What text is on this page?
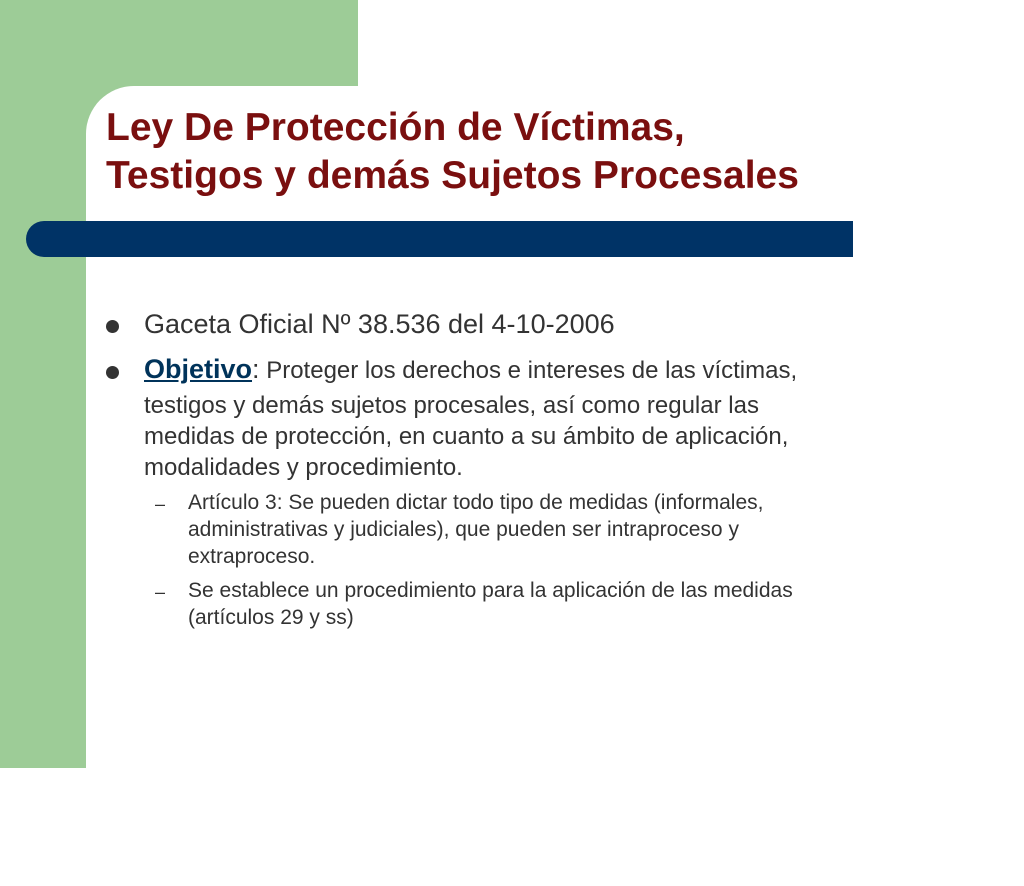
Ley De Protección de Víctimas,
Testigos y demás Sujetos Procesales

Gaceta Oficial Nº 38.536 del 4-10-2006

Objetivo: Proteger los derechos e intereses de las víctimas,

testigos y demás sujetos procesales, así como regular las

medidas de protección, en cuanto a su ámbito de aplicación,

modalidades y procedimiento.

– Artículo 3: Se pueden dictar todo tipo de medidas (informales,

administrativas y judiciales), que pueden ser intraproceso y

extraproceso.

– Se establece un procedimiento para la aplicación de las medidas

(artículos 29 y ss)
